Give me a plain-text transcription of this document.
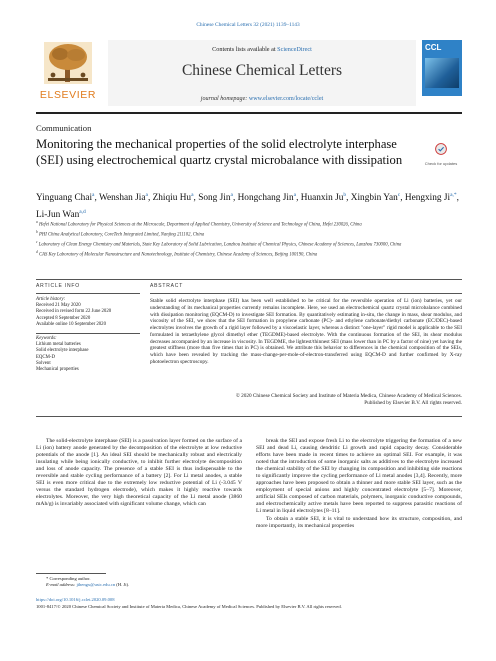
Chinese Chemical Letters 32 (2021) 1139–1143
ELSEVIER
Contents lists available at ScienceDirect
Chinese Chemical Letters
journal homepage: www.elsevier.com/locate/cclet
CCL
Communication
Monitoring the mechanical properties of the solid electrolyte interphase (SEI) using electrochemical quartz crystal microbalance with dissipation	Check for updates
Yinguang Chai$^a$, Wenshan Jia$^a$, Zhiqiu Hu$^a$, Song Jin$^a$, Hongchang Jin$^a$, Huanxin Ju$^b$, Xingbin Yan$^c$, Hengxing $Ji^{a,*}$, Li-Jun Wan$^{a,d}$

$^a$ Hefei National Laboratory for Physical Sciences at the Microscale, Department of Applied Chemistry, University of Science and Technology of China, Hefei 230026, China

$^b$ PHI China Analytical Laboratory, CoreTech Integrated Limited, Nanjing 211102, China

$^c$ Laboratory of Clean Energy Chemistry and Materials, State Key Laboratory of Solid Lubrication, Lanzhou Institute of Chemical Physics, Chinese Academy of Sciences, Lanzhou 730000, China

$^d$ CAS Key Laboratory of Molecular Nanostructure and Nanotechnology, Institute of Chemistry, Chinese Academy of Sciences, Beijing 100190, China

ARTICLE INFO	ABSTRACT
Article history:
Received 21 May 2020
Received in revised form 22 June 2020
Accepted 8 September 2020
Available online 10 September 2020
Keywords:
Lithium metal batteries
Solid electrolyte interphase
EQCM-D
Solvent
Mechanical properties

Stable solid electrolyte interphase (SEI) has been well established to be critical for the reversible operation of Li (ion) batteries, yet our understanding of its mechanical properties currently remains incomplete. Here, we used an electrochemical quartz crystal microbalance combined with dissipation monitoring (EQCM-D) to investigate SEI formation. By quantitatively estimating in-situ, the change in mass, shear modulus, and viscosity of the SEI, we show that the SEI formation in propylene carbonate (PC)- and ethylene carbonate/diethyl carbonate (EC/DEC)-based electrolytes involves the growth of a rigid layer followed by a viscoelastic layer, whereas a distinct "one-layer" rigid model is applicable to the SEI formulated in tetraethylene glycol dimethyl ether (TEGDME)-based electrolyte. With the continuous formation of the SEI, its shear modulus decreases accompanied by an increase in viscosity. In TEGDME, the lightest/thinnest SEI (mass lower than in PC by a factor of nine) yet having the greatest stiffness (more than five times that in PC) is obtained. We attribute this behavior to differences in the chemical composition of the SEIs, which have been revealed by tracking the mass-change-per-mole-of-electron-transferred using EQCM-D and further confirmed by X-ray photoelectron spectroscopy.

© 2020 Chinese Chemical Society and Institute of Materia Medica, Chinese Academy of Medical Sciences.
Published by Elsevier B.V. All rights reserved.

The solid-electrolyte interphase (SEI) is a passivation layer formed on the surface of a Li (ion) battery anode generated by the decomposition of the electrolyte at low reductive potentials of the anode [1]. An ideal SEI should be mechanically robust and electrically insulating while being ionically conductive, to inhibit further electrolyte decomposition and loss of anode capacity. The presence of a stable SEI is thus indispensable to the reversible and stable cycling performance of a battery [2]. For Li metal anodes, a stable SEI is even more critical due to the extremely low reductive potential of Li (-3.045 V versus the standard hydrogen electrode), which makes it highly reactive towards electrolytes. Moreover, the very high theoretical capacity of the Li metal anode (3860 mAh/g) is invariably associated with significant volume change, which can

break the SEI and expose fresh Li to the electrolyte triggering the formation of a new SEI and dead Li, causing dendritic Li growth and rapid capacity decay. Considerable efforts have been made in recent times to achieve an optimal SEI. For example, it was noted that the introduction of some inorganic salts as additives to the electrolyte increased the chemical stability of the SEI by changing its composition and inhibiting side reactions to significantly improve the cycling performance of Li metal anodes [3,4]. Recently, more approaches have been proposed to obtain a thinner and more stable SEI layer, such as the employment of special anions and highly concentrated electrolyte [5–7]. Moreover, artificial SEIs composed of carbon materials, polymers, inorganic conductive compounds, and electrochemically active metals have been reported to suppress parasitic reactions of Li metal in liquid electrolytes [8–11].

To obtain a stable SEI, it is vital to understand how its structure, composition, and more importantly, its mechanical properties

* Corresponding author.
E-mail address: jihengx@ustc.edu.cn (H. Ji).
https://doi.org/10.1016/j.cclet.2020.09.008
1001-8417/© 2020 Chinese Chemical Society and Institute of Materia Medica, Chinese Academy of Medical Sciences. Published by Elsevier B.V. All rights reserved.
